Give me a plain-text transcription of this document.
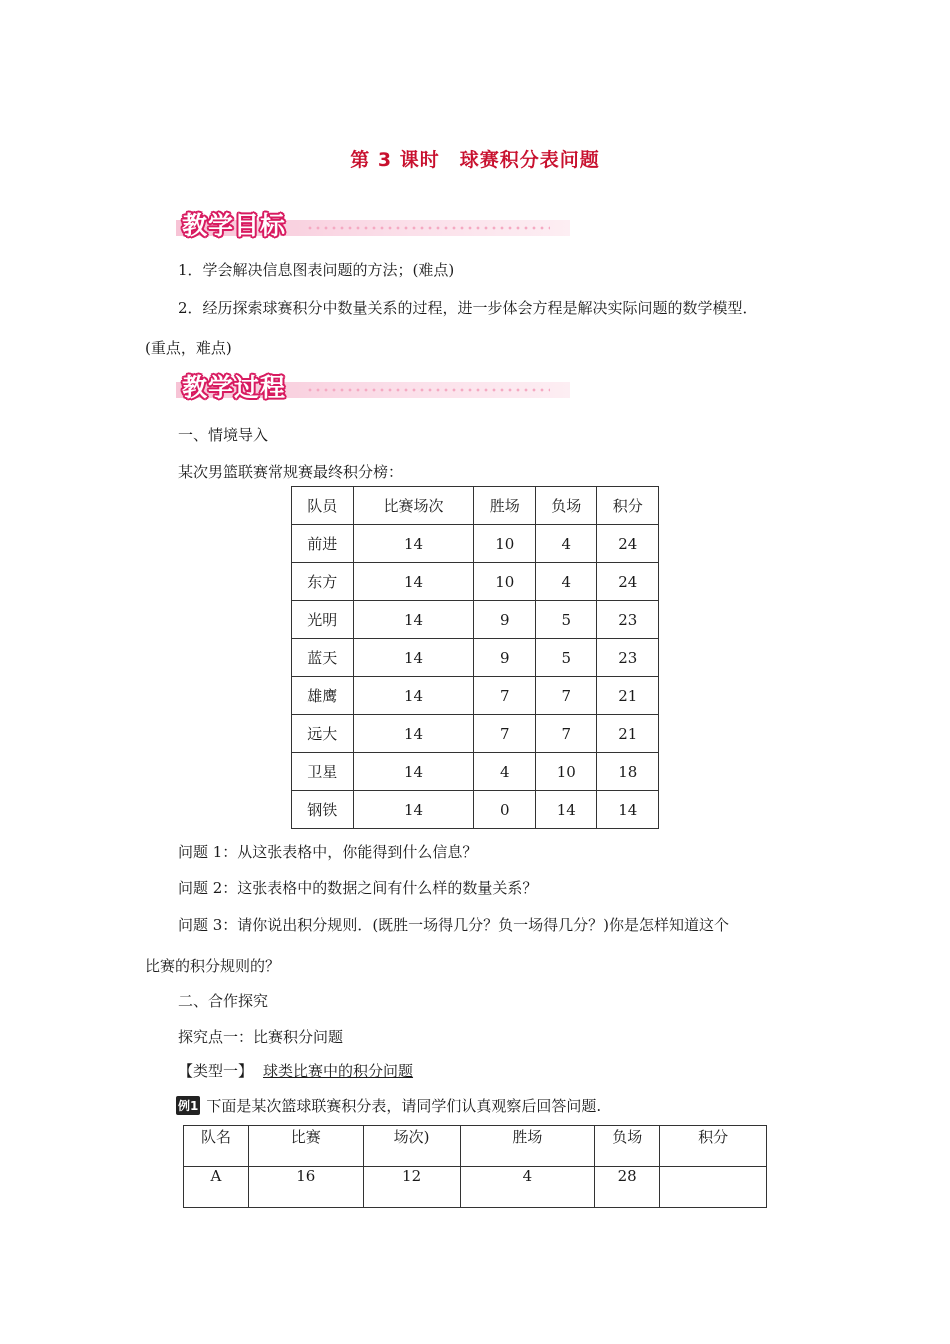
第 3 课时　球赛积分表问题
教学目标
1．学会解决信息图表问题的方法；(难点)
2．经历探索球赛积分中数量关系的过程，进一步体会方程是解决实际问题的数学模型．
(重点，难点)
教学过程
一、情境导入
某次男篮联赛常规赛最终积分榜：
队员	比赛场次	胜场	负场	积分
前进	14	10	4	24
东方	14	10	4	24
光明	14	9	5	23
蓝天	14	9	5	23
雄鹰	14	7	7	21
远大	14	7	7	21
卫星	14	4	10	18
钢铁	14	0	14	14
问题 1：从这张表格中，你能得到什么信息？
问题 2：这张表格中的数据之间有什么样的数量关系？
问题 3：请你说出积分规则．(既胜一场得几分？负一场得几分？)你是怎样知道这个
比赛的积分规则的？
二、合作探究
探究点一：比赛积分问题
【类型一】 球类比赛中的积分问题
例1 下面是某次篮球联赛积分表，请同学们认真观察后回答问题.
队名	比赛	场次)	胜场	负场	积分
A	16	12	4	28	
